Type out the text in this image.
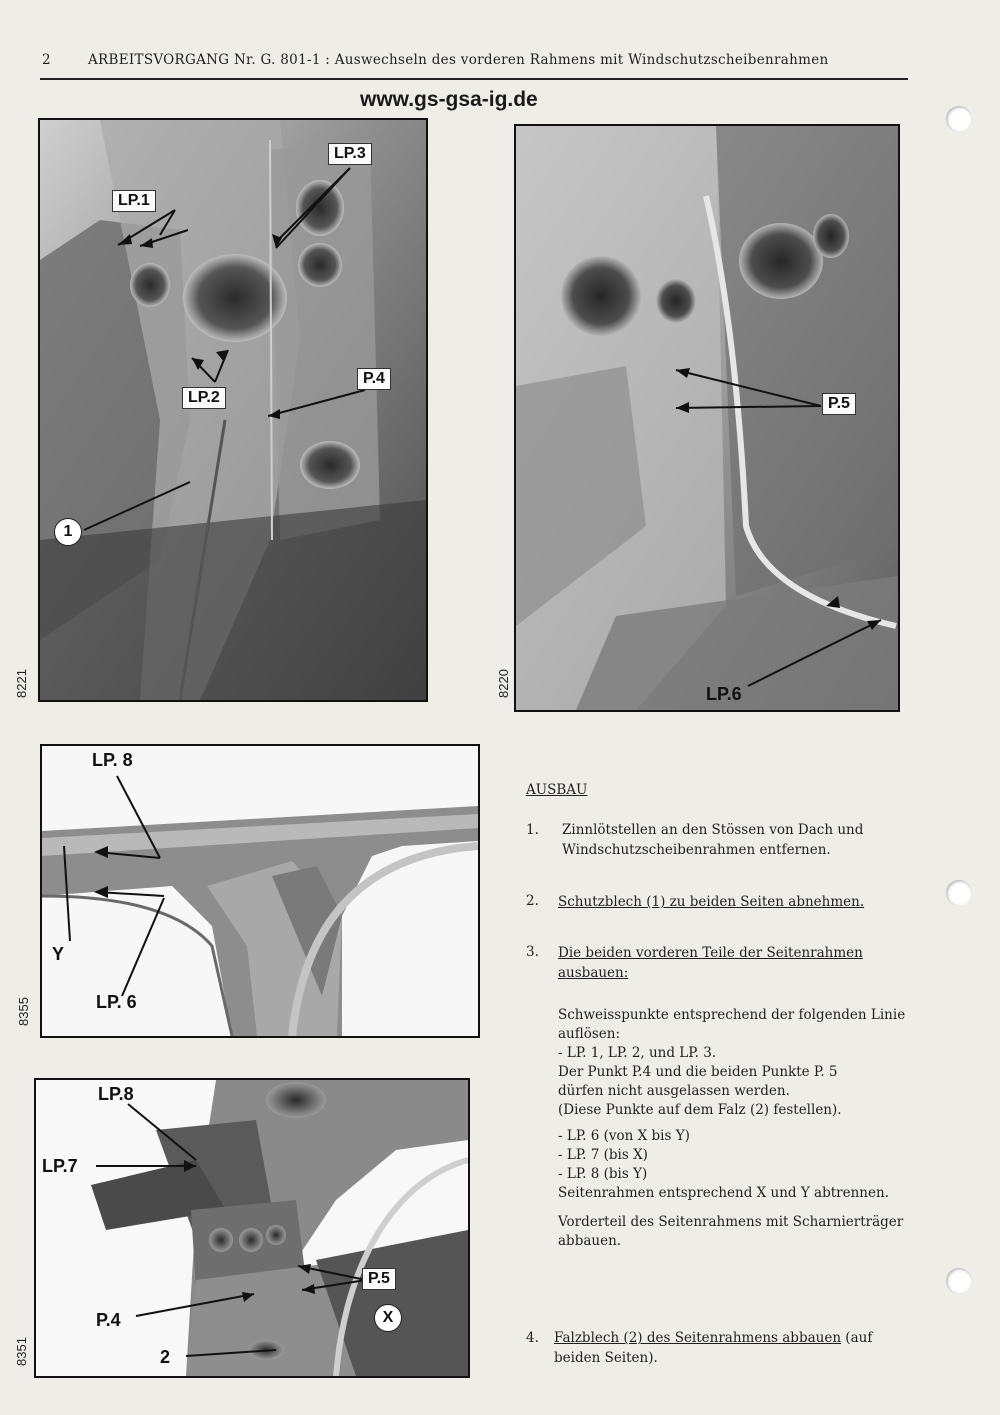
2	ARBEITSVORGANG Nr. G. 801-1 : Auswechseln des vorderen Rahmens mit Windschutzscheibenrahmen
www.gs-gsa-ig.de
LP.1
LP.2
LP.3
P.4
1
8221
P.5
LP.6
8220
LP. 8
Y
LP. 6
8355
LP.8
LP.7
P.5
P.4
2
X
8351
AUSBAU
1. Zinnlötstellen an den Stössen von Dach und
Windschutzscheibenrahmen entfernen.
2. Schutzblech (1) zu beiden Seiten abnehmen.
3. Die beiden vorderen Teile der Seitenrahmen
ausbauen:
Schweisspunkte entsprechend der folgenden Linie
auflösen:
- LP. 1, LP. 2, und LP. 3.
Der Punkt P.4 und die beiden Punkte P. 5
dürfen nicht ausgelassen werden.
(Diese Punkte auf dem Falz (2) festellen).
- LP. 6 (von X bis Y)
- LP. 7 (bis X)
- LP. 8 (bis Y)
Seitenrahmen entsprechend X und Y abtrennen.
Vorderteil des Seitenrahmens mit Scharnierträger
abbauen.
4. Falzblech (2) des Seitenrahmens abbauen (auf
beiden Seiten).
